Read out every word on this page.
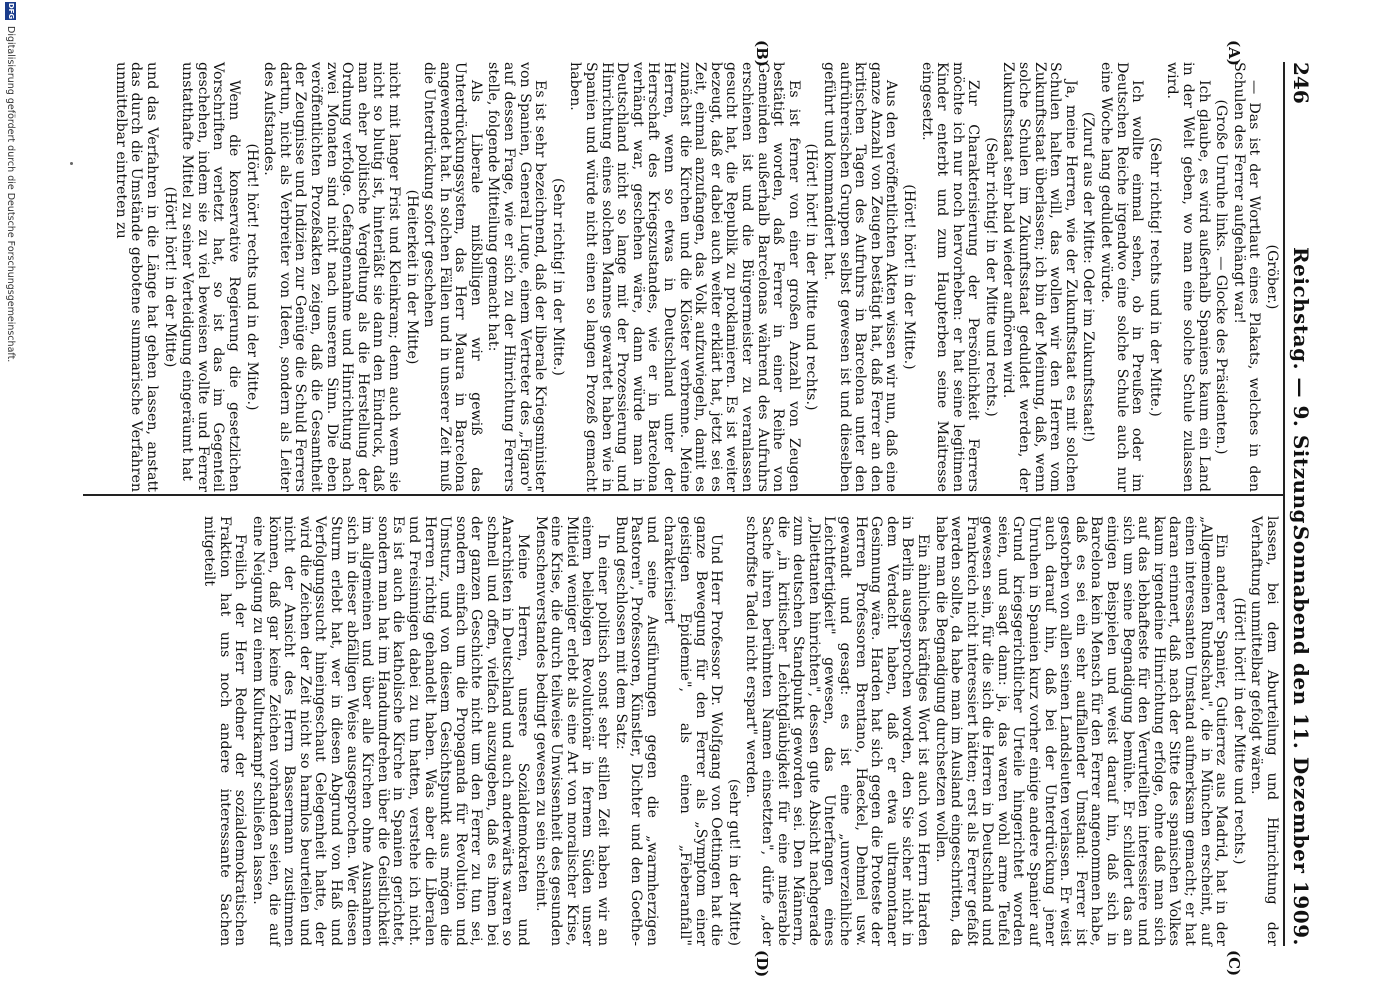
246
Reichstag. — 9. Sitzung.
Sonnabend den 11. Dezember 1909.
(A)
(B)
(C)
(D)

(Gröber.)

— Das ist der Wortlaut eines Plakats, welches in den Schulen des Ferrer aufgehängt war!

(Große Unruhe links. — Glocke des Präsidenten.)

Ich glaube, es wird außerhalb Spaniens kaum ein Land in der Welt geben, wo man eine solche Schule zulassen wird.

(Sehr richtig! rechts und in der Mitte.)

Ich wollte einmal sehen, ob in Preußen oder im Deutschen Reiche irgendwo eine solche Schule auch nur eine Woche lang geduldet würde.

(Zuruf aus der Mitte: Oder im Zukunftsstaat!)

Ja, meine Herren, wie der Zukunftsstaat es mit solchen Schulen halten will, das wollen wir den Herren vom Zukunftsstaat überlassen; ich bin der Meinung, daß, wenn solche Schulen im Zukunftsstaat geduldet werden, der Zukunftsstaat sehr bald wieder aufhören wird.

(Sehr richtig! in der Mitte und rechts.)

Zur Charakterisierung der Persönlichkeit Ferrers möchte ich nur noch hervorheben: er hat seine legitimen Kinder enterbt und zum Haupterben seine Maitresse eingesetzt.

(Hört! hört! in der Mitte.)

Aus den veröffentlichten Akten wissen wir nun, daß eine ganze Anzahl von Zeugen bestätigt hat, daß Ferrer an den kritischen Tagen des Aufruhrs in Barcelona unter den aufrührerischen Gruppen selbst gewesen ist und dieselben geführt und kommandiert hat.

(Hört! hört! in der Mitte und rechts.)

Es ist ferner von einer großen Anzahl von Zeugen bestätigt worden, daß Ferrer in einer Reihe von Gemeinden außerhalb Barcelonas während des Aufruhrs erschienen ist und die Bürgermeister zu veranlassen gesucht hat, die Republik zu proklamieren. Es ist weiter bezeugt, daß er dabei auch weiter erklärt hat, jetzt sei es Zeit, einmal anzufangen, das Volk aufzuwiegeln, damit es zunächst die Kirchen und die Klöster verbrenne. Meine Herren, wenn so etwas in Deutschland unter der Herrschaft des Kriegszustandes, wie er in Barcelona verhängt war, geschehen wäre, dann würde man in Deutschland nicht so lange mit der Prozessierung und Hinrichtung eines solchen Mannes gewartet haben wie in Spanien und würde nicht einen so langen Prozeß gemacht haben.

(Sehr richtig! in der Mitte.)

Es ist sehr bezeichnend, daß der liberale Kriegsminister von Spanien, General Luque, einem Vertreter des „Figaro" auf dessen Frage, wie er sich zu der Hinrichtung Ferrers stelle, folgende Mitteilung gemacht hat:

Als Liberale mißbilligen wir gewiß das Unterdrückungssystem, das Herr Maura in Barcelona angewendet hat. In solchen Fällen und in unserer Zeit muß die Unterdrückung sofort geschehen

(Heiterkeit in der Mitte)

nicht mit langer Frist und Kleinkram; denn auch wenn sie nicht so blutig ist, hinterläßt sie dann den Eindruck, daß man eher politische Vergeltung als die Herstellung der Ordnung verfolge. Gefangennahme und Hinrichtung nach zwei Monaten sind nicht nach unserem Sinn. Die eben veröffentlichten Prozeßakten zeigen, daß die Gesamtheit der Zeugnisse und Indizien zur Genüge die Schuld Ferrers dartun, nicht als Verbreiter von Ideen, sondern als Leiter des Aufstandes.

(Hört! hört! rechts und in der Mitte.)

Wenn die konservative Regierung die gesetzlichen Vorschriften verletzt hat, so ist das im Gegenteil geschehen, indem sie zu viel beweisen wollte und Ferrer unstatthafte Mittel zu seiner Verteidigung eingeräumt hat

(Hört! hört! in der Mitte)

und das Verfahren in die Länge hat gehen lassen, anstatt das durch die Umstände gebotene summarische Verfahren unmittelbar eintreten zu

lassen, bei dem Aburteilung und Hinrichtung der Verhaftung unmittelbar gefolgt wären.

(Hört! hört! in der Mitte und rechts.)

Ein anderer Spanier, Gutierrez aus Madrid, hat in der „Allgemeinen Rundschau", die in München erscheint, auf einen interessanten Umstand aufmerksam gemacht; er hat daran erinnert, daß nach der Sitte des spanischen Volkes kaum irgendeine Hinrichtung erfolge, ohne daß man sich auf das lebhafteste für den Verurteilten interessiere und sich um seine Begnadigung bemühe. Er schildert das an einigen Beispielen und weist darauf hin, daß sich in Barcelona kein Mensch für den Ferrer angenommen habe, daß es sei ein sehr auffallender Umstand: Ferrer ist gestorben von allen seinen Landsleuten verlassen. Er weist auch darauf hin, daß bei der Unterdrückung jener Unruhen in Spanien kurz vorher einige andere Spanier auf Grund kriegsgerichtlicher Urteile hingerichtet worden seien, und sagt dann: ja, das waren wohl arme Teufel gewesen sein, für die sich die Herren in Deutschland und Frankreich nicht interessiert hätten; erst als Ferrer gefaßt werden sollte, da habe man im Ausland eingeschritten, da habe man die Begnadigung durchsetzen wollen.

Ein ähnliches kräftiges Wort ist auch von Herrn Harden in Berlin ausgesprochen worden, den Sie sicher nicht in dem Verdacht haben, daß er etwa ultramontaner Gesinnung wäre. Harden hat sich gegen die Proteste der Herren Professoren Brentano, Haeckel, Dehmel usw. gewandt und gesagt: es ist eine „unverzeihliche Leichtfertigkeit" gewesen, das Unterfangen eines „Dilettanten hinrichten", dessen gute Absicht nachgerade zum deutschen Standpunkt geworden sei. Den Männern, die „in kritischer Leichtgläubigkeit für eine miserable Sache ihren berühmten Namen einsetzten", dürfe „der schroffste Tadel nicht erspart" werden.

(sehr gut! in der Mitte)

Und Herr Professor Dr. Wolfgang von Oettingen hat die ganze Bewegung für den Ferrer als „Symptom einer geistigen Epidemie", als einen „Fieberanfall" charakterisiert

und seine Ausführungen gegen die „warmherzigen Pastoren", Professoren, Künstler, Dichter und den Goethe-Bund geschlossen mit dem Satz:

In einer politisch sonst sehr stillen Zeit haben wir an einem beliebigen Revolutionär in fernem Süden unser Mitleid weniger erlebt als eine Art von moralischer Krise, eine Krise, die durch teilweise Unwissenheit des gesunden Menschenverstandes bedingt gewesen zu sein scheint.

Meine Herren, unsere Sozialdemokraten und Anarchisten in Deutschland und auch anderwärts waren so schnell und offen, vielfach auszugeben, daß es ihnen bei der ganzen Geschichte nicht um den Ferrer zu tun sei, sondern einfach um die Propaganda für Revolution und Umsturz, und von diesem Gesichtspunkt aus mögen die Herren richtig gehandelt haben. Was aber die Liberalen und Freisinnigen dabei zu tun hatten, verstehe ich nicht. Es ist auch die katholische Kirche in Spanien gerichtet, sondern man hat im Handumdrehen über die Geistlichkeit im allgemeinen und über alle Kirchen ohne Ausnahmen sich in dieser abfälligen Weise ausgesprochen. Wer diesen Sturm erlebt hat, wer in diesen Abgrund von Haß und Verfolgungssucht hineingeschaut Gelegenheit hatte, der wird die Zeichen der Zeit nicht so harmlos beurteilen und nicht der Ansicht des Herrn Bassermann zustimmen können, daß gar keine Zeichen vorhanden seien, die auf eine Neigung zu einem Kulturkampf schließen lassen.

Freilich der Herr Redner der sozialdemokratischen Fraktion hat uns noch andere interessante Sachen mitgeteilt

DFG
Digitalisierung gefördert durch die Deutsche Forschungsgemeinschaft.
